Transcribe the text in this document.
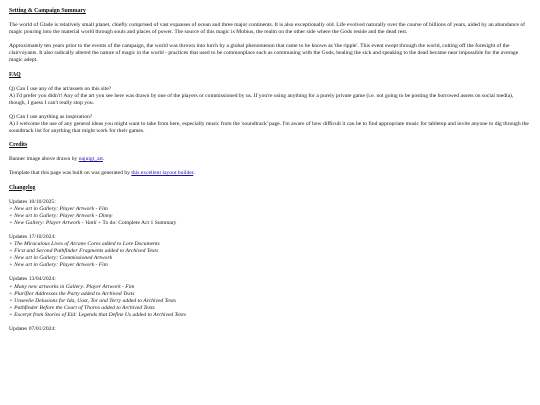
Setting & Campaign Summary

The world of Glade is relatively small planet, chiefly comprised of vast expanses of ocean and three major continents. It is also exceptionally old. Life evolved naturally over the course of billions of years, aided by an abundance of magic pouring into the material world through souls and places of power. The source of this magic is Mobius, the realm on the other side where the Gods reside and the dead rest.

Approximately ten years prior to the events of the campaign, the world was thrown into lurch by a global phenomenon that came to be known as 'the ripple'. This event swept through the world, cutting off the foresight of the clairvoyants. It also radically altered the nature of magic in the world - practices that used to be commonplace such as communing with the Gods, healing the sick and speaking to the dead became near impossible for the average magic adept.

FAQ
Q) Can I use any of the art/assets on this site?
A) I'd prefer you didn't! Any of the art you see here was drawn by one of the players or commissioned by us. If you're using anything for a purely private game (i.e. not going to be posting the borrowed assets on social media), though, I guess I can't really stop you.
Q) Can I use anything as inspiration?
A) I welcome the use of any general ideas you might want to take from here, especially music from the 'soundtrack' page. I'm aware of how difficult it can be to find appropriate music for tabletop and invite anyone to dig through the soundtrack list for anything that might work for their games.
Credits

Banner image above drawn by najuigt_art.

Template that this page was built on was generated by this excellent layout builder.

Changelog
Updates 10/10/2025:
+ New art in Gallery: Player Artwork - Fim
+ New art in Gallery: Player Artwork - Dinny
+ New Gallery: Player Artwork - Vanli + To do: Complete Act 1 Summary
Updates 17/10/2024:
+ The Miraculous Lives of Arcane Cores added to Lore Documents
+ First and Second Pathfinder Fragments added to Archived Texts
+ New art in Gallery: Commissioned Artwork
+ New art in Gallery: Player Artwork - Fim
Updates 13/04/2024:
+ Many new artworks in Gallery: Player Artwork - Fim
+ Pluriflor Addresses the Party added to Archived Texts
+ Unseelie Delusions for Ida, Uast, Tor and Terry added to Archived Texts
+ Pathfinder Before the Court of Thorns added to Archived Texts
+ Excerpt from Stories of Eld: Legends that Define Us added to Archived Texts
Updates 07/01/2024:
